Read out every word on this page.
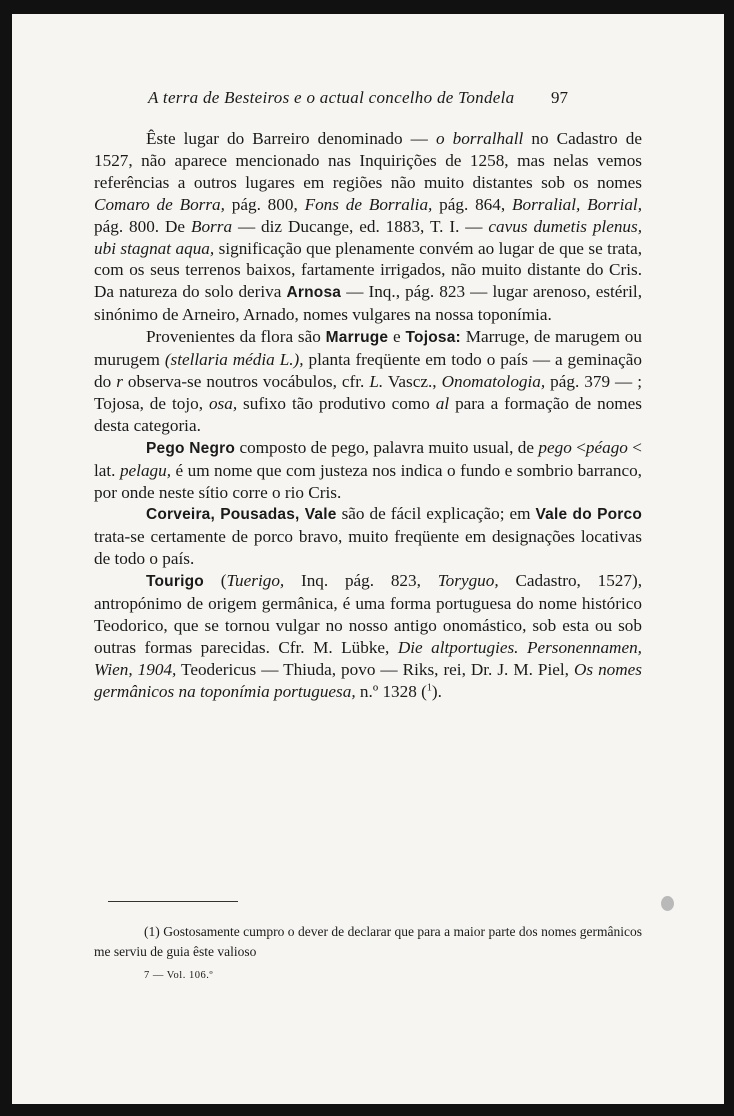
A terra de Besteiros e o actual concelho de Tondela 97

Êste lugar do Barreiro denominado — o borralhall no Cadastro de 1527, não aparece mencionado nas Inquirições de 1258, mas nelas vemos referências a outros lugares em regiões não muito distantes sob os nomes Comaro de Borra, pág. 800, Fons de Borralia, pág. 864, Borralial, Borrial, pág. 800. De Borra — diz Ducange, ed. 1883, T. I. — cavus dumetis plenus, ubi stagnat aqua, significação que plenamente convém ao lugar de que se trata, com os seus terrenos baixos, fartamente irrigados, não muito distante do Cris. Da natureza do solo deriva Arnosa — Inq., pág. 823 — lugar arenoso, estéril, sinónimo de Arneiro, Arnado, nomes vulgares na nossa toponímia.

Provenientes da flora são Marruge e Tojosa: Marruge, de marugem ou murugem (stellaria média L.), planta freqüente em todo o país — a geminação do r observa-se noutros vocábulos, cfr. L. Vascz., Onomatologia, pág. 379 — ; Tojosa, de tojo, osa, sufixo tão produtivo como al para a formação de nomes desta categoria.

Pego Negro composto de pego, palavra muito usual, de pego <péago < lat. pelagu, é um nome que com justeza nos indica o fundo e sombrio barranco, por onde neste sítio corre o rio Cris.

Corveira, Pousadas, Vale são de fácil explicação; em Vale do Porco trata-se certamente de porco bravo, muito freqüente em designações locativas de todo o país.

Tourigo (Tuerigo, Inq. pág. 823, Toryguo, Cadastro, 1527), antropónimo de origem germânica, é uma forma portuguesa do nome histórico Teodorico, que se tornou vulgar no nosso antigo onomástico, sob esta ou sob outras formas parecidas. Cfr. M. Lübke, Die altportugies. Personennamen, Wien, 1904, Teodericus — Thiuda, povo — Riks, rei, Dr. J. M. Piel, Os nomes germânicos na toponímia portuguesa, n.º 1328 ($^1$).

(1) Gostosamente cumpro o dever de declarar que para a maior parte dos nomes germânicos me serviu de guia êste valioso

7 — Vol. 106.º
